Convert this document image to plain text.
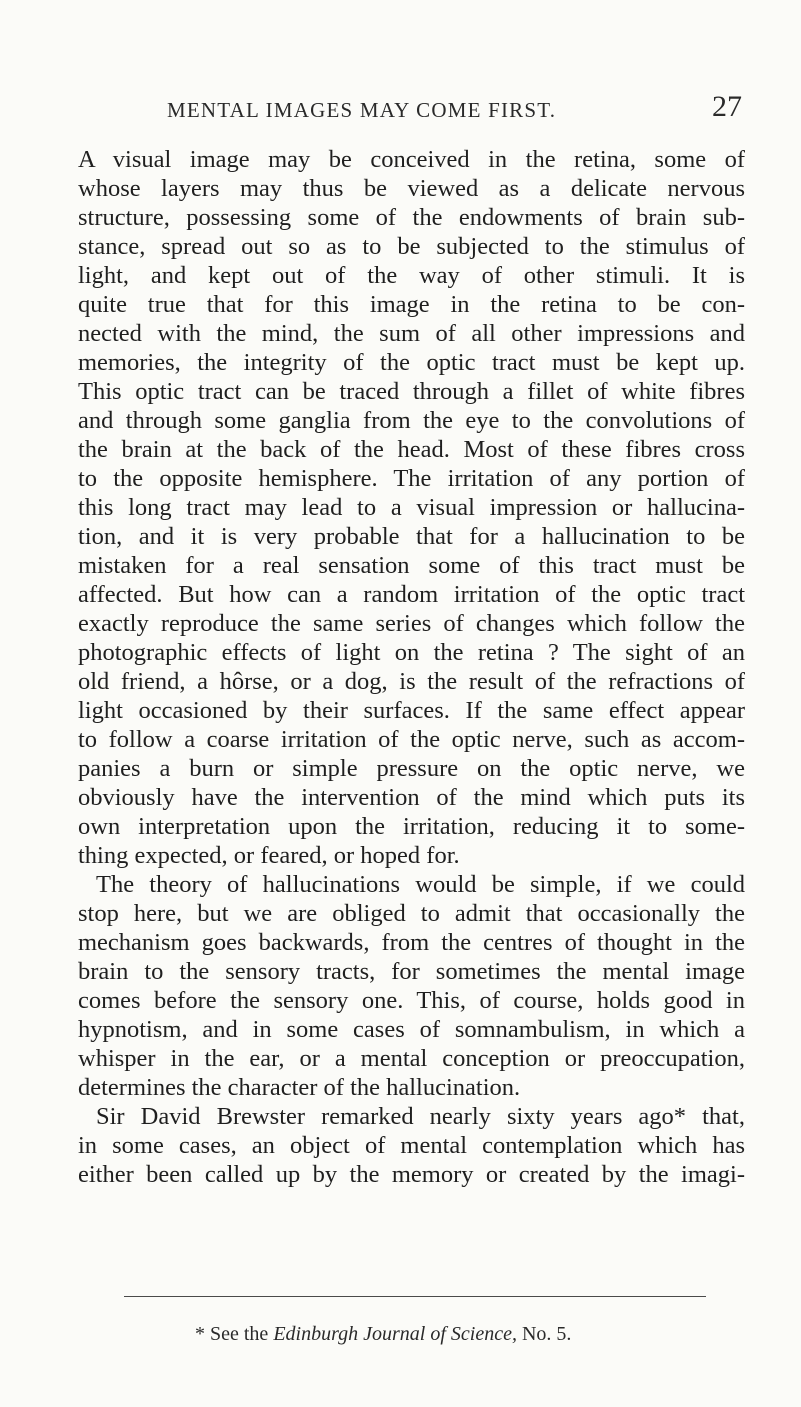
MENTAL IMAGES MAY COME FIRST.	27
A visual image may be conceived in the retina, some of
whose layers may thus be viewed as a delicate nervous
structure, possessing some of the endowments of brain sub-
stance, spread out so as to be subjected to the stimulus of
light, and kept out of the way of other stimuli. It is
quite true that for this image in the retina to be con-
nected with the mind, the sum of all other impressions and
memories, the integrity of the optic tract must be kept up.
This optic tract can be traced through a fillet of white fibres
and through some ganglia from the eye to the convolutions of
the brain at the back of the head. Most of these fibres cross
to the opposite hemisphere. The irritation of any portion of
this long tract may lead to a visual impression or hallucina-
tion, and it is very probable that for a hallucination to be
mistaken for a real sensation some of this tract must be
affected. But how can a random irritation of the optic tract
exactly reproduce the same series of changes which follow the
photographic effects of light on the retina ? The sight of an
old friend, a hôrse, or a dog, is the result of the refractions of
light occasioned by their surfaces. If the same effect appear
to follow a coarse irritation of the optic nerve, such as accom-
panies a burn or simple pressure on the optic nerve, we
obviously have the intervention of the mind which puts its
own interpretation upon the irritation, reducing it to some-
thing expected, or feared, or hoped for.
The theory of hallucinations would be simple, if we could
stop here, but we are obliged to admit that occasionally the
mechanism goes backwards, from the centres of thought in the
brain to the sensory tracts, for sometimes the mental image
comes before the sensory one. This, of course, holds good in
hypnotism, and in some cases of somnambulism, in which a
whisper in the ear, or a mental conception or preoccupation,
determines the character of the hallucination.
Sir David Brewster remarked nearly sixty years ago* that,
in some cases, an object of mental contemplation which has
either been called up by the memory or created by the imagi-
* See the Edinburgh Journal of Science, No. 5.
